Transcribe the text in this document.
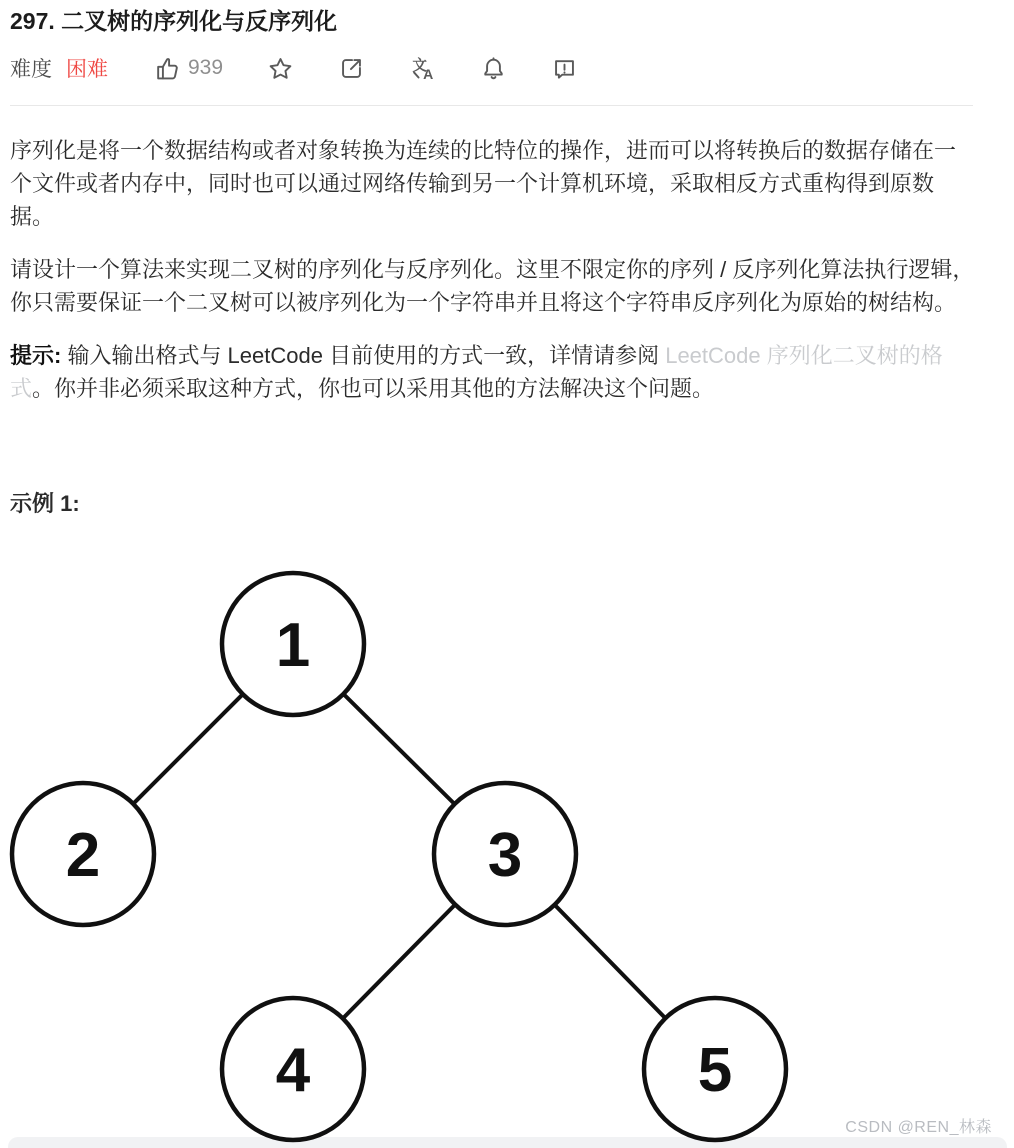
297. 二叉树的序列化与反序列化
难度 困难	939	文
A

序列化是将一个数据结构或者对象转换为连续的比特位的操作，进而可以将转换后的数据存储在一个文件或者内存中，同时也可以通过网络传输到另一个计算机环境，采取相反方式重构得到原数据。

请设计一个算法来实现二叉树的序列化与反序列化。这里不限定你的序列 / 反序列化算法执行逻辑，你只需要保证一个二叉树可以被序列化为一个字符串并且将这个字符串反序列化为原始的树结构。

提示: 输入输出格式与 LeetCode 目前使用的方式一致，详情请参阅 LeetCode 序列化二叉树的格式。你并非必须采取这种方式，你也可以采用其他的方法解决这个问题。

示例 1:

1
2	3
4	5
CSDN @REN_林森
